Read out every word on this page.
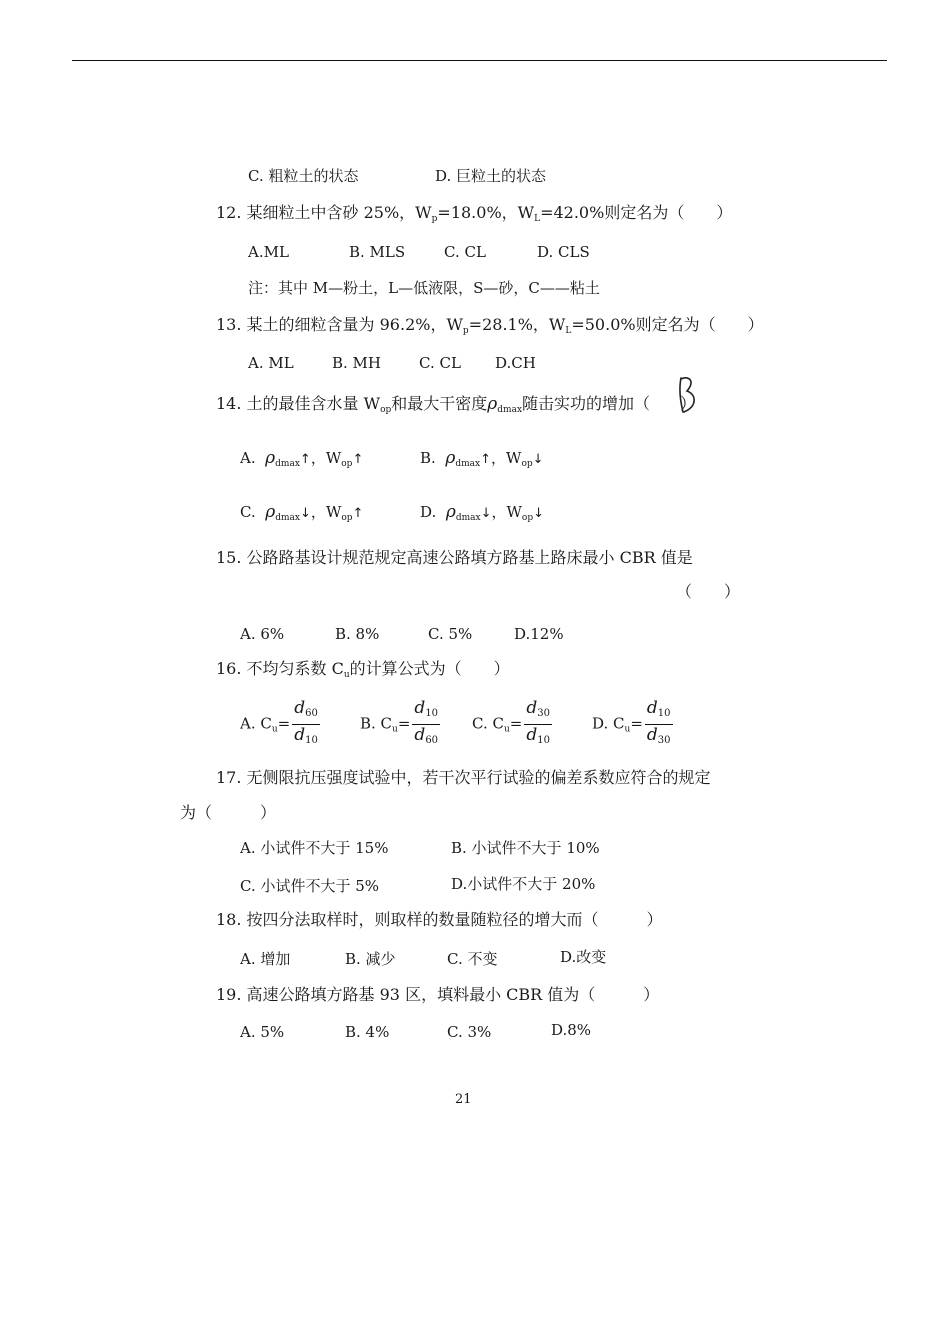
C. 粗粒土的状态	D. 巨粒土的状态
12. 某细粒土中含砂 25%，$W_p=18.0\%$，$W_L=42.0\%$则定名为（　　）
A.ML	B. MLS	C. CL	D. CLS
注：其中 M—粉土，L—低液限，S—砂，C——粘土
13. 某土的细粒含量为 96.2%，$W_p=28.1\%$，$W_L=50.0\%$则定名为（　　）
A. ML	B. MH	C. CL D.CH
14. 土的最佳含水量 $W_{op}$和最大干密度$\rho_{dmax}$随击实功的增加（ ）
A. $\rho_{dmax}↑$，$W_{op}↑$	B. $\rho_{dmax}↑$，$W_{op}↓$
C. $\rho_{dmax}↓$，$W_{op}↑$	D. $\rho_{dmax}↓$，$W_{op}↓$
15. 公路路基设计规范规定高速公路填方路基上路床最小 CBR 值是
（　　）
A. 6%	B. 8%	C. 5%	D.12%
16. 不均匀系数 $C_u$的计算公式为（　　）
A. $C_u= \frac{d_{60}}{d_{10}}$	B. $C_u= \frac{d_{10}}{d_{60}} C$. $C_u= \frac{d_{30}}{d_{10}}$	D. $C_u= \frac{d_{10}}{d_{30}}$
17. 无侧限抗压强度试验中，若干次平行试验的偏差系数应符合的规定
为（　　　）
A. 小试件不大于 15%	B. 小试件不大于 10%
C. 小试件不大于 5%	D.小试件不大于 20%
18. 按四分法取样时，则取样的数量随粒径的增大而（　　　）
A. 增加	B. 减少	C. 不变	D.改变
19. 高速公路填方路基 93 区，填料最小 CBR 值为（　　　）
A. 5%	B. 4%	C. 3%	D.8%
21
